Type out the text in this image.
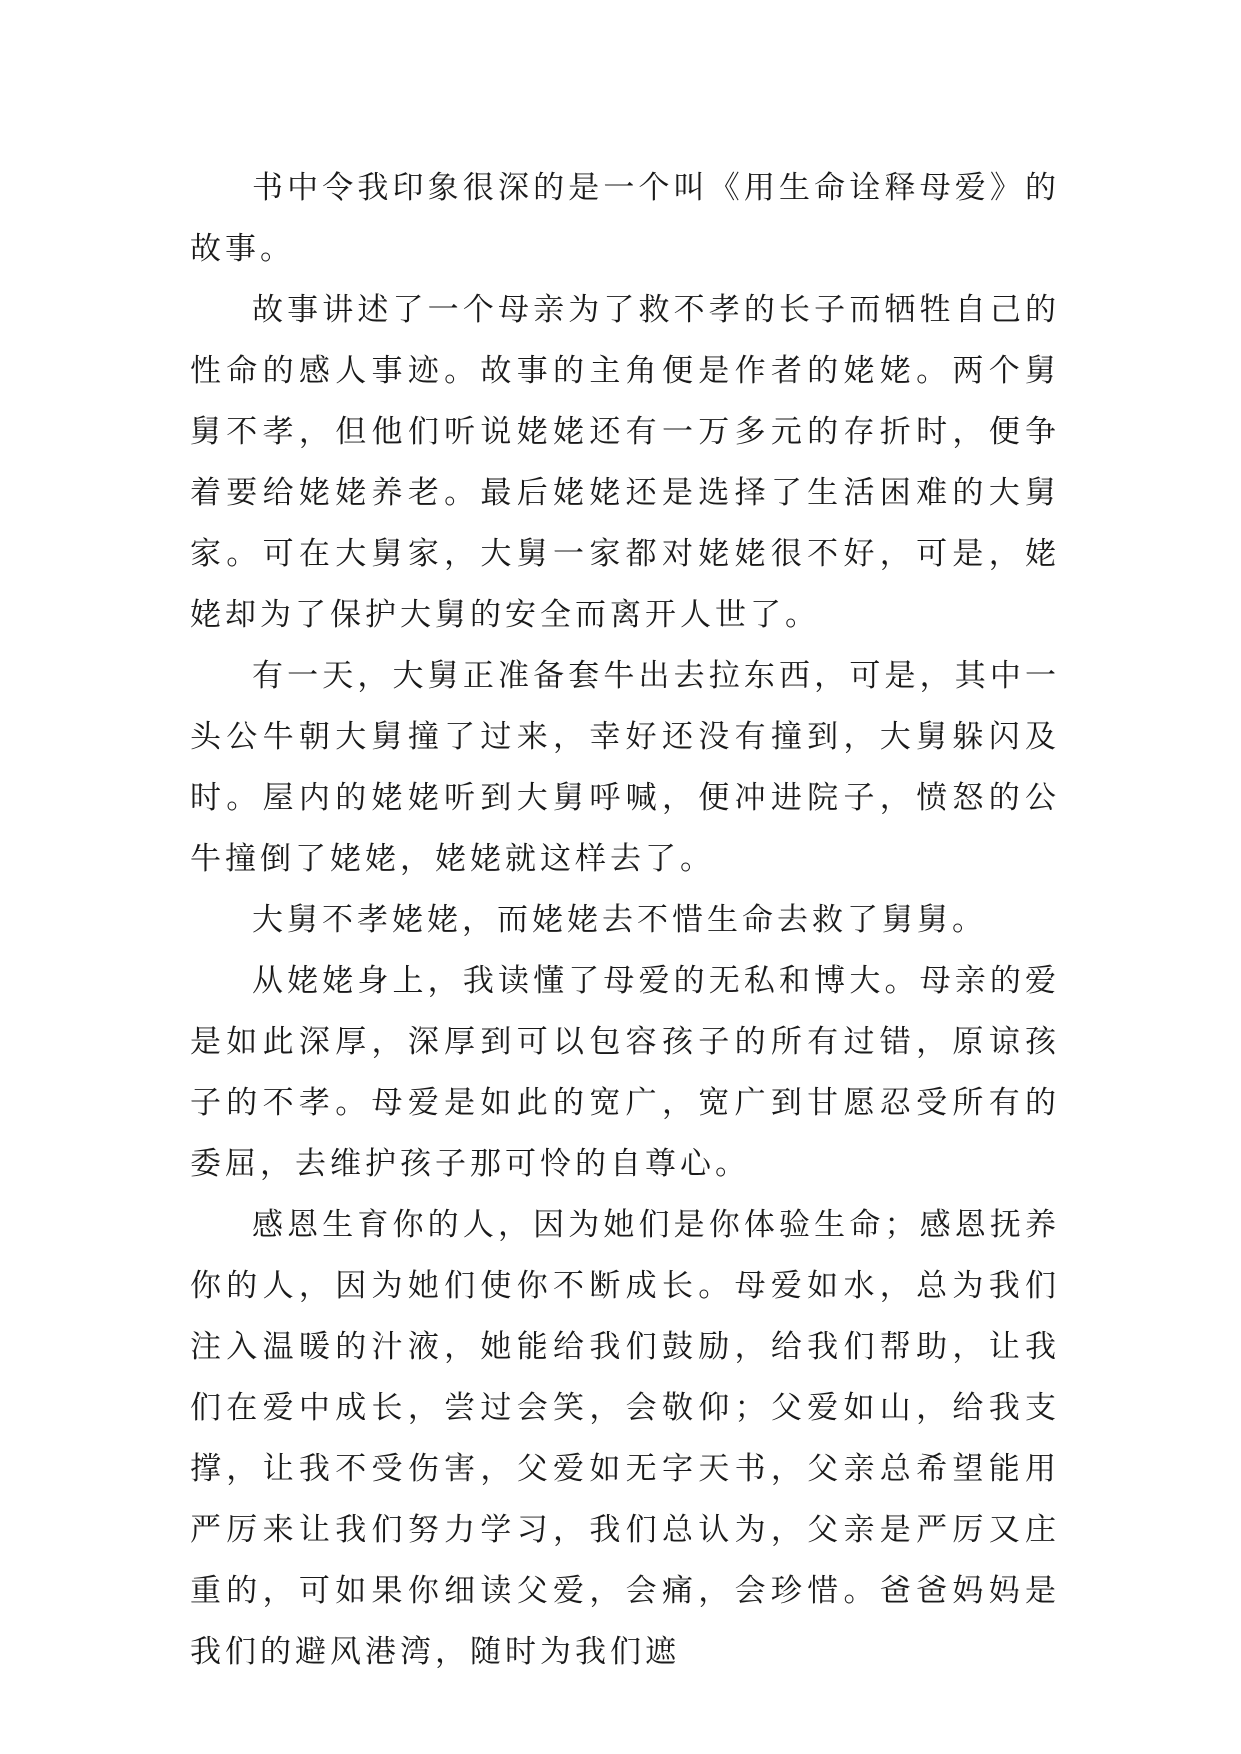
书中令我印象很深的是一个叫《用生命诠释母爱》的故事。

故事讲述了一个母亲为了救不孝的长子而牺牲自己的性命的感人事迹。故事的主角便是作者的姥姥。两个舅舅不孝，但他们听说姥姥还有一万多元的存折时，便争着要给姥姥养老。最后姥姥还是选择了生活困难的大舅家。可在大舅家，大舅一家都对姥姥很不好，可是，姥姥却为了保护大舅的安全而离开人世了。

有一天，大舅正准备套牛出去拉东西，可是，其中一头公牛朝大舅撞了过来，幸好还没有撞到，大舅躲闪及时。屋内的姥姥听到大舅呼喊，便冲进院子，愤怒的公牛撞倒了姥姥，姥姥就这样去了。

大舅不孝姥姥，而姥姥去不惜生命去救了舅舅。

从姥姥身上，我读懂了母爱的无私和博大。母亲的爱是如此深厚，深厚到可以包容孩子的所有过错，原谅孩子的不孝。母爱是如此的宽广，宽广到甘愿忍受所有的委屈，去维护孩子那可怜的自尊心。

感恩生育你的人，因为她们是你体验生命；感恩抚养你的人，因为她们使你不断成长。母爱如水，总为我们注入温暖的汁液，她能给我们鼓励，给我们帮助，让我们在爱中成长，尝过会笑，会敬仰；父爱如山，给我支撑，让我不受伤害，父爱如无字天书，父亲总希望能用严厉来让我们努力学习，我们总认为，父亲是严厉又庄重的，可如果你细读父爱，会痛，会珍惜。爸爸妈妈是我们的避风港湾，随时为我们遮
